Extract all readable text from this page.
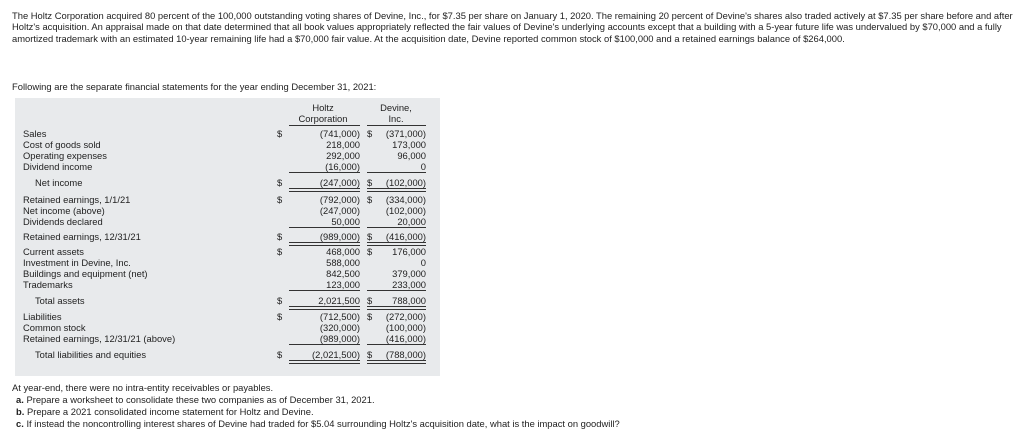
The Holtz Corporation acquired 80 percent of the 100,000 outstanding voting shares of Devine, Inc., for $7.35 per share on January 1, 2020. The remaining 20 percent of Devine's shares also traded actively at $7.35 per share before and after Holtz's acquisition. An appraisal made on that date determined that all book values appropriately reflected the fair values of Devine's underlying accounts except that a building with a 5-year future life was undervalued by $70,000 and a fully amortized trademark with an estimated 10-year remaining life had a $70,000 fair value. At the acquisition date, Devine reported common stock of $100,000 and a retained earnings balance of $264,000.

Following are the separate financial statements for the year ending December 31, 2021:

Holtz
Corporation
Devine,
Inc.
Sales	$	(741,000) $	(371,000)
Cost of goods sold	218,000	173,000
Operating expenses	292,000	96,000
Dividend income	(16,000)	0
Net income	$	(247,000) $	(102,000)
Retained earnings, 1/1/21	$	(792,000) $	(334,000)
Net income (above)	(247,000)	(102,000)
Dividends declared	50,000	20,000
Retained earnings, 12/31/21	$	(989,000) $	(416,000)
Current assets	$	468,000 $	176,000
Investment in Devine, Inc.	588,000	0
Buildings and equipment (net)	842,500	379,000
Trademarks	123,000	233,000
Total assets	$	2,021,500 $	788,000
Liabilities	$	(712,500) $	(272,000)
Common stock	(320,000)	(100,000)
Retained earnings, 12/31/21 (above)	(989,000)	(416,000)
Total liabilities and equities	$	(2,021,500) $	(788,000)

At year-end, there were no intra-entity receivables or payables.

a. Prepare a worksheet to consolidate these two companies as of December 31, 2021.

b. Prepare a 2021 consolidated income statement for Holtz and Devine.

c. If instead the noncontrolling interest shares of Devine had traded for $5.04 surrounding Holtz's acquisition date, what is the impact on goodwill?
